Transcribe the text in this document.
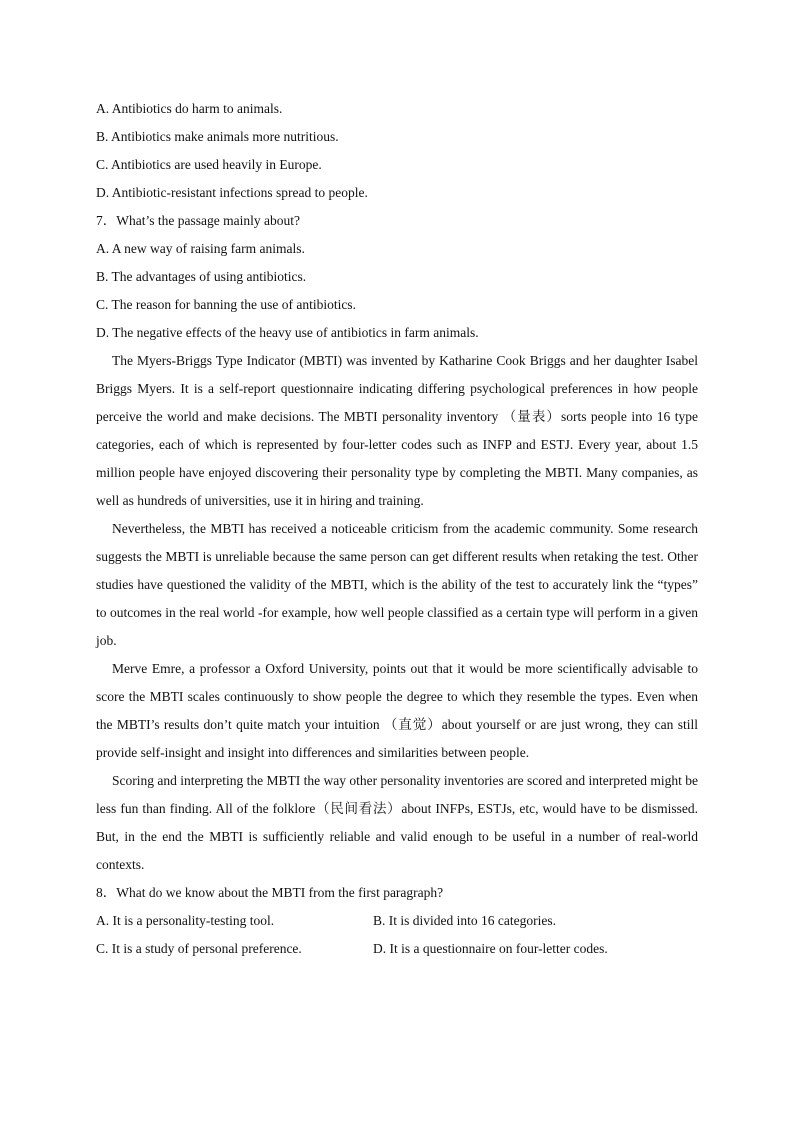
A. Antibiotics do harm to animals.

B. Antibiotics make animals more nutritious.

C. Antibiotics are used heavily in Europe.

D. Antibiotic-resistant infections spread to people.

7．What’s the passage mainly about?

A. A new way of raising farm animals.

B. The advantages of using antibiotics.

C. The reason for banning the use of antibiotics.

D. The negative effects of the heavy use of antibiotics in farm animals.

The Myers-Briggs Type Indicator (MBTI) was invented by Katharine Cook Briggs and her daughter Isabel Briggs Myers. It is a self-report questionnaire indicating differing psychological preferences in how people perceive the world and make decisions. The MBTI personality inventory （量表）sorts people into 16 type categories, each of which is represented by four-letter codes such as INFP and ESTJ. Every year, about 1.5 million people have enjoyed discovering their personality type by completing the MBTI. Many companies, as well as hundreds of universities, use it in hiring and training.

Nevertheless, the MBTI has received a noticeable criticism from the academic community. Some research suggests the MBTI is unreliable because the same person can get different results when retaking the test. Other studies have questioned the validity of the MBTI, which is the ability of the test to accurately link the “types” to outcomes in the real world -for example, how well people classified as a certain type will perform in a given job.

Merve Emre, a professor a Oxford University, points out that it would be more scientifically advisable to score the MBTI scales continuously to show people the degree to which they resemble the types. Even when the MBTI’s results don’t quite match your intuition （直觉）about yourself or are just wrong, they can still provide self-insight and insight into differences and similarities between people.

Scoring and interpreting the MBTI the way other personality inventories are scored and interpreted might be less fun than finding. All of the folklore（民间看法）about INFPs, ESTJs, etc, would have to be dismissed. But, in the end the MBTI is sufficiently reliable and valid enough to be useful in a number of real-world contexts.

8．What do we know about the MBTI from the first paragraph?

A. It is a personality-testing tool.	B. It is divided into 16 categories.
C. It is a study of personal preference.	D. It is a questionnaire on four-letter codes.
